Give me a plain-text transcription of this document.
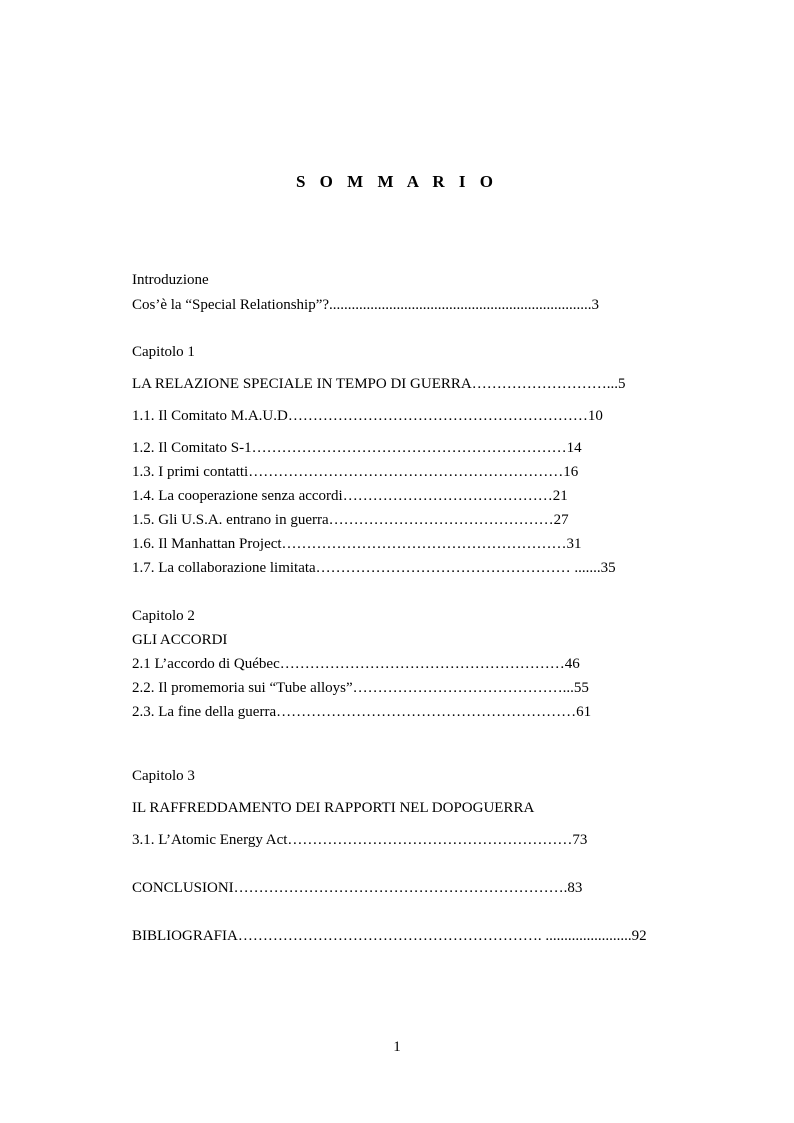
S O M M A R I O
Introduzione
Cos’è la “Special Relationship”?......................................................................3
Capitolo 1
LA RELAZIONE SPECIALE IN TEMPO DI GUERRA………………………...5
1.1. Il Comitato M.A.U.D……………………………………………………10
1.2. Il Comitato S-1………………………………………………………14
1.3. I primi contatti………………………………………………………16
1.4. La cooperazione senza accordi……………………………………21
1.5. Gli U.S.A. entrano in guerra………………………………………27
1.6. Il Manhattan Project…………………………………………………31
1.7. La collaborazione limitata…………………………………………… .......35
Capitolo 2
GLI ACCORDI
2.1 L’accordo di Québec…………………………………………………46
2.2. Il promemoria sui “Tube alloys”……………………………………...55
2.3. La fine della guerra……………………………………………………61
Capitolo 3
IL RAFFREDDAMENTO DEI RAPPORTI NEL DOPOGUERRA
3.1. L’Atomic Energy Act…………………………………………………73
CONCLUSIONI………………………………………………………….83
BIBLIOGRAFIA……………………………………………………. .......................92
1
